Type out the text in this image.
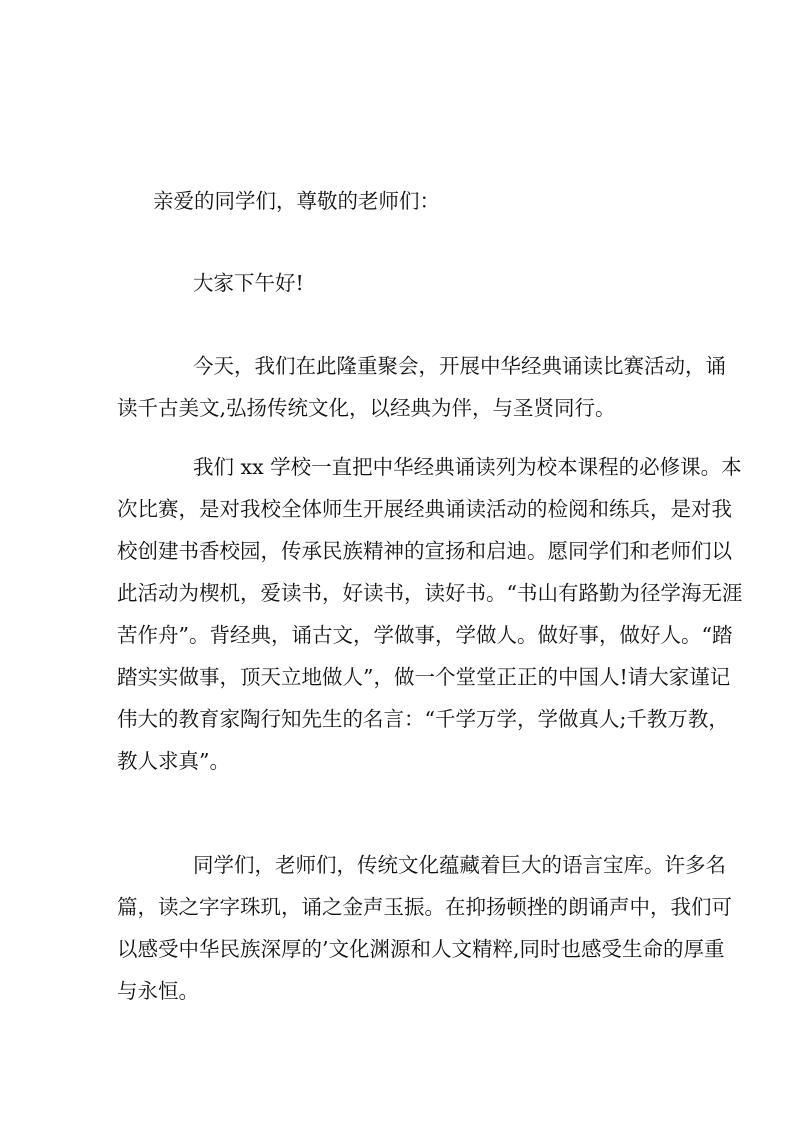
亲爱的同学们，尊敬的老师们：
大家下午好!
今天，我们在此隆重聚会，开展中华经典诵读比赛活动，诵
读千古美文,弘扬传统文化，以经典为伴，与圣贤同行。
我们 xx 学校一直把中华经典诵读列为校本课程的必修课。本
次比赛，是对我校全体师生开展经典诵读活动的检阅和练兵，是对我
校创建书香校园，传承民族精神的宣扬和启迪。愿同学们和老师们以
此活动为楔机，爱读书，好读书，读好书。“书山有路勤为径学海无涯
苦作舟”。背经典，诵古文，学做事，学做人。做好事，做好人。“踏
踏实实做事，顶天立地做人”，做一个堂堂正正的中国人!请大家谨记
伟大的教育家陶行知先生的名言：“千学万学，学做真人;千教万教，
教人求真”。
同学们，老师们，传统文化蕴藏着巨大的语言宝库。许多名
篇，读之字字珠玑，诵之金声玉振。在抑扬顿挫的朗诵声中，我们可
以感受中华民族深厚的’文化渊源和人文精粹,同时也感受生命的厚重
与永恒。
